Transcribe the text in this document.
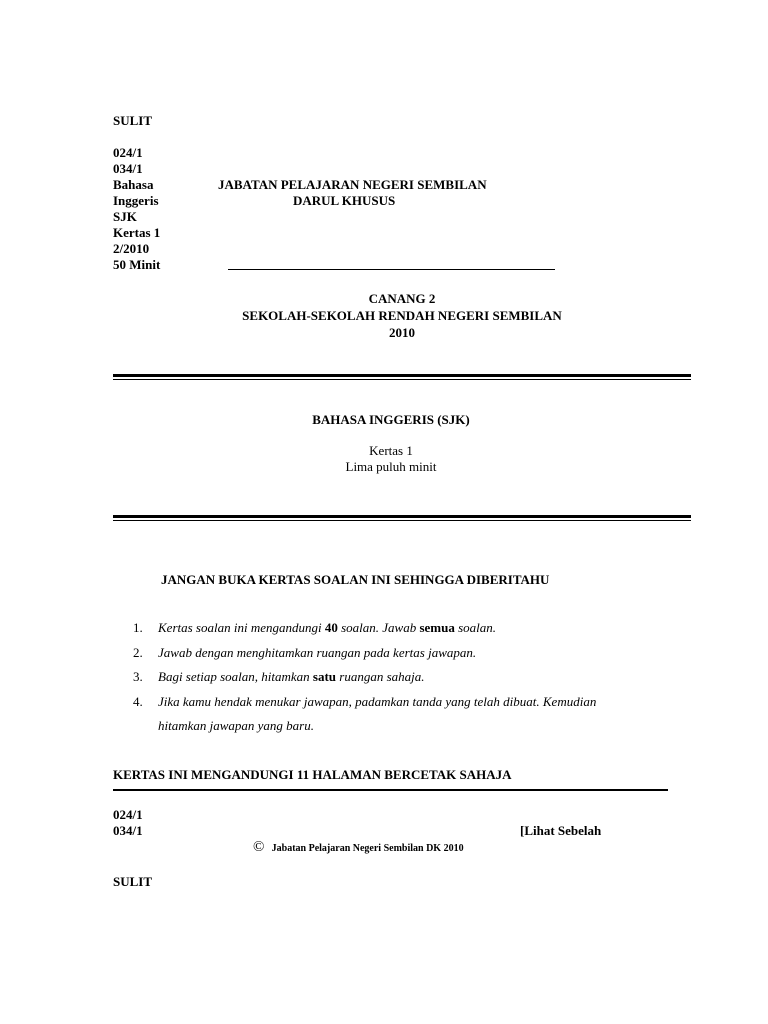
SULIT
024/1
034/1
Bahasa
Inggeris
SJK
Kertas 1
2/2010
50 Minit
JABATAN PELAJARAN NEGERI SEMBILAN
DARUL KHUSUS
CANANG 2
SEKOLAH-SEKOLAH RENDAH NEGERI SEMBILAN
2010
BAHASA INGGERIS (SJK)
Kertas 1
Lima puluh minit
JANGAN BUKA KERTAS SOALAN INI SEHINGGA DIBERITAHU
1. Kertas soalan ini mengandungi 40 soalan. Jawab semua soalan.
2. Jawab dengan menghitamkan ruangan pada kertas jawapan.
3. Bagi setiap soalan, hitamkan satu ruangan sahaja.
4. Jika kamu hendak menukar jawapan, padamkan tanda yang telah dibuat. Kemudian
hitamkan jawapan yang baru.
KERTAS INI MENGANDUNGI 11 HALAMAN BERCETAK SAHAJA
024/1
034/1	[Lihat Sebelah
© Jabatan Pelajaran Negeri Sembilan DK 2010
SULIT
